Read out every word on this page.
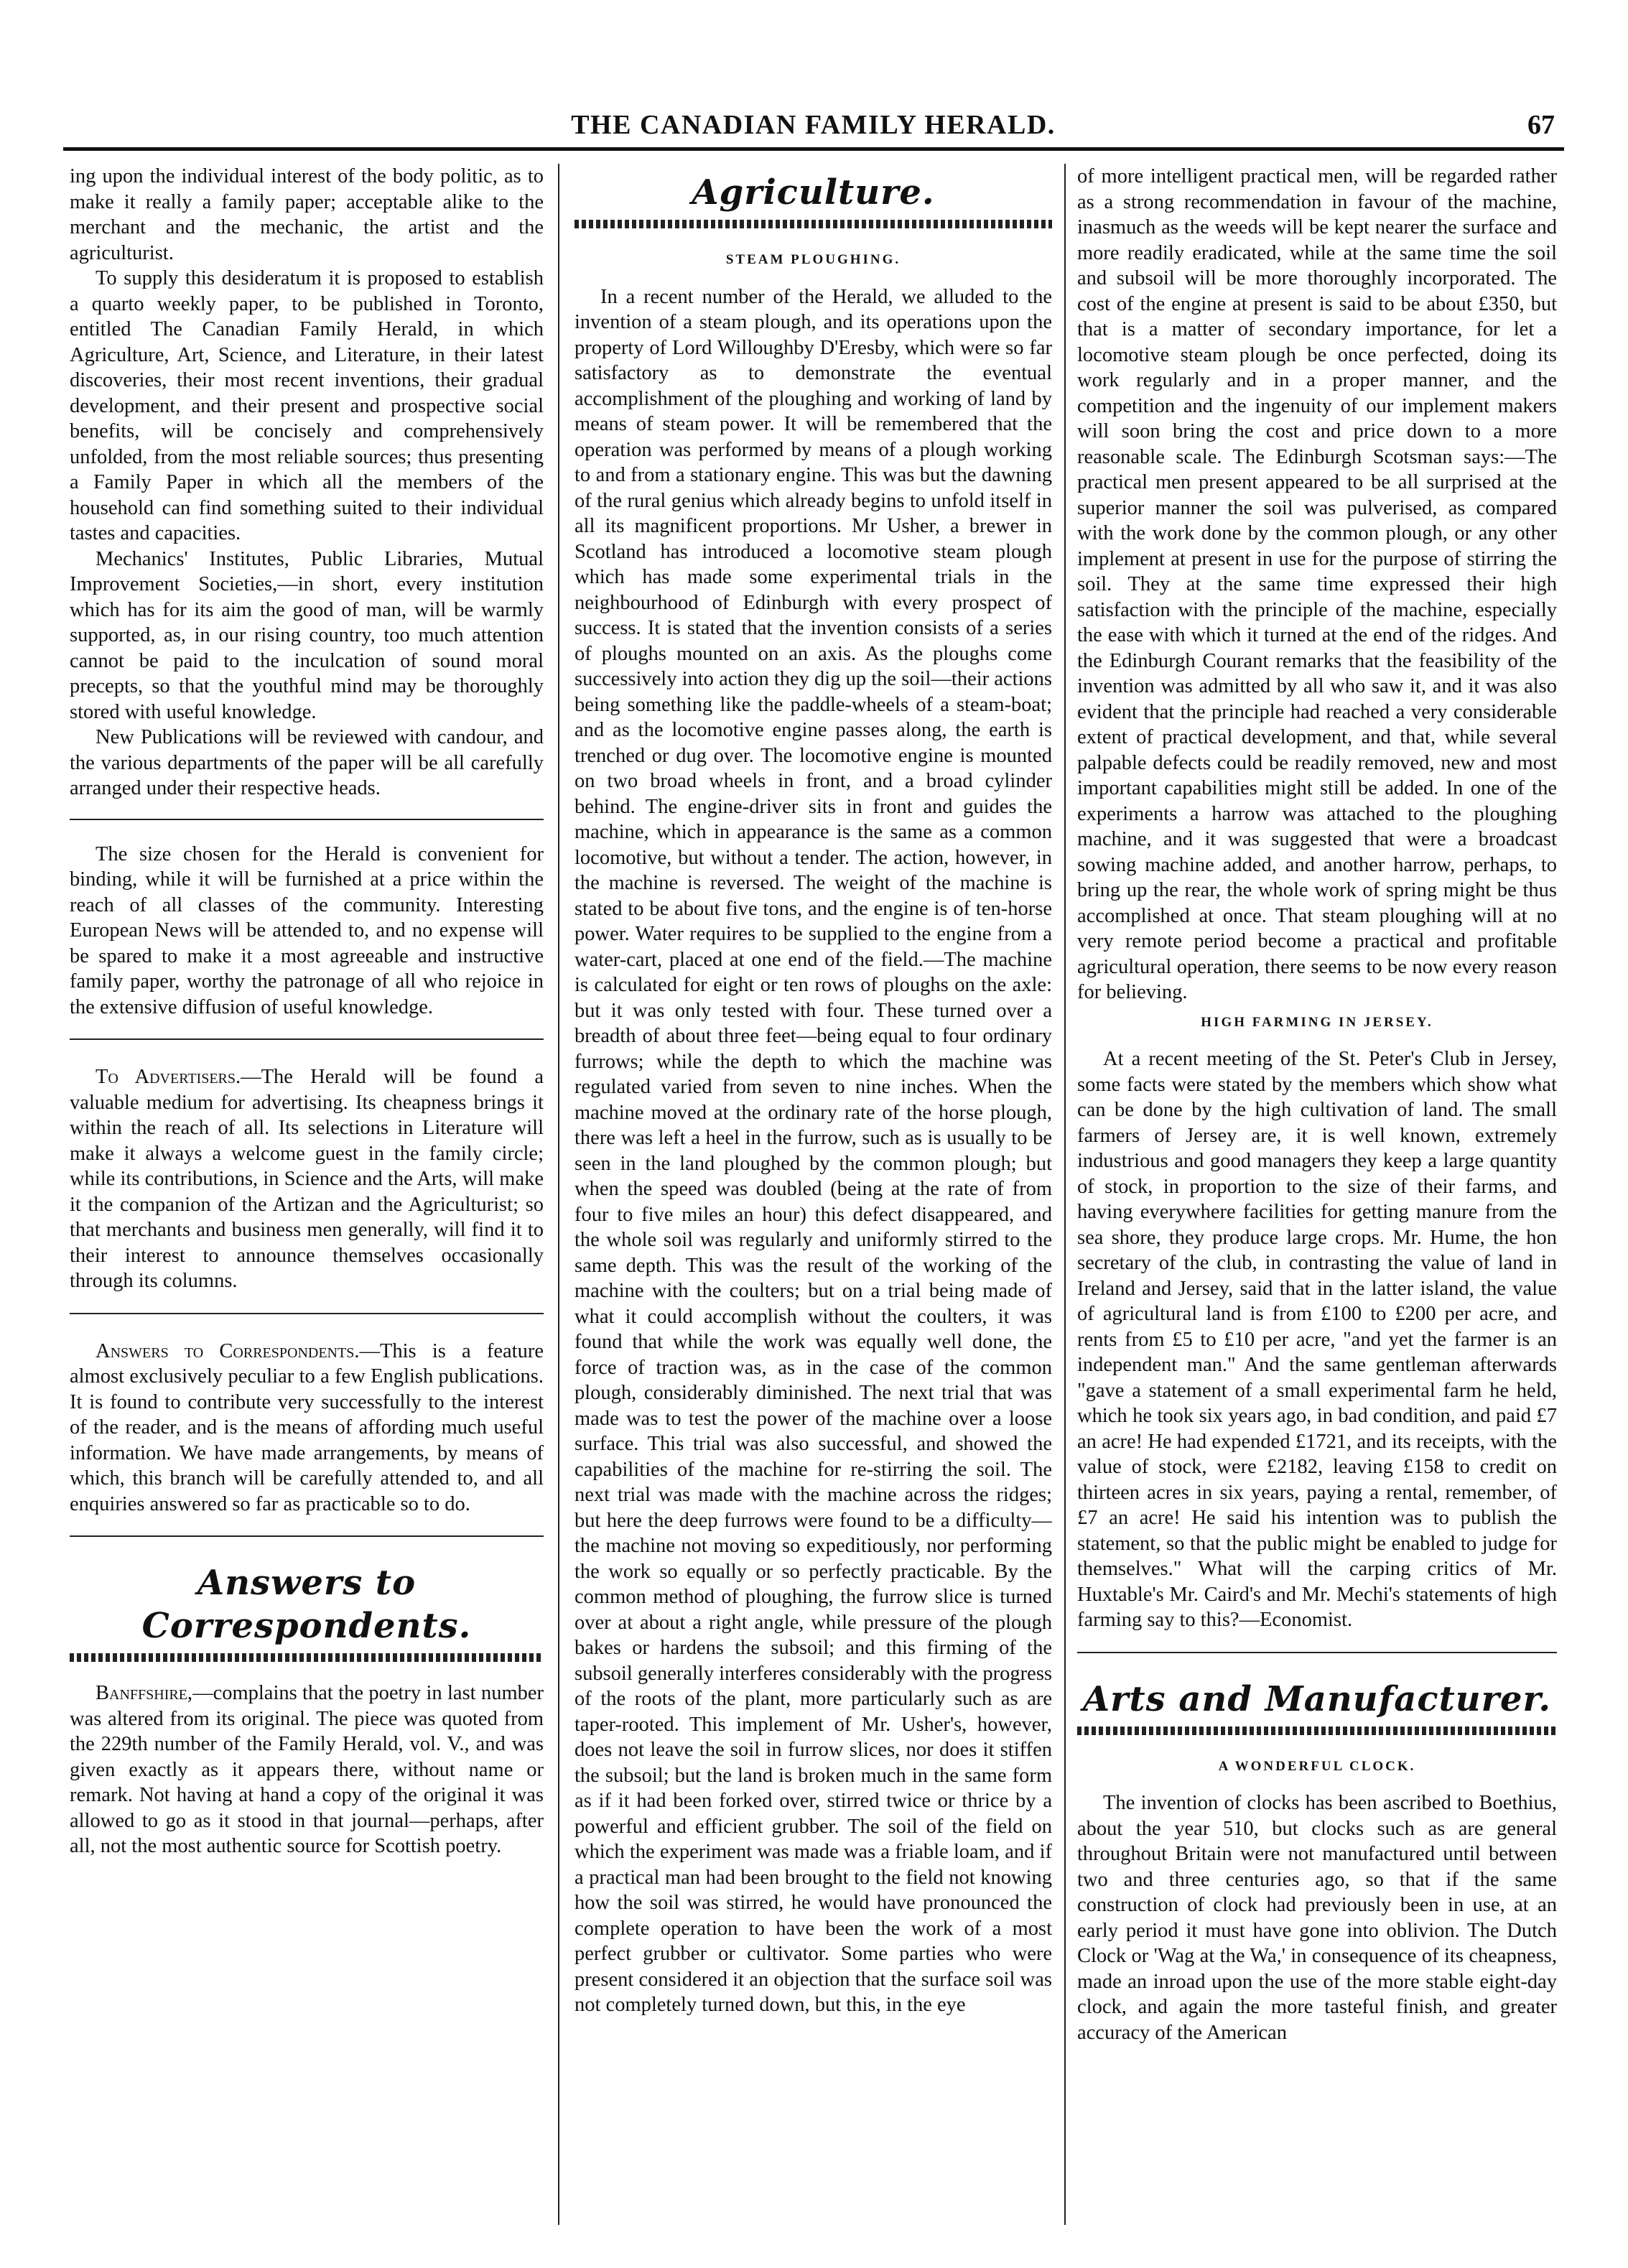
THE CANADIAN FAMILY HERALD.	67

ing upon the individual interest of the body politic, as to make it really a family paper; acceptable alike to the merchant and the mechanic, the artist and the agriculturist.

To supply this desideratum it is proposed to establish a quarto weekly paper, to be published in Toronto, entitled The Canadian Family Herald, in which Agriculture, Art, Science, and Literature, in their latest discoveries, their most recent inventions, their gradual development, and their present and prospective social benefits, will be concisely and comprehensively unfolded, from the most reliable sources; thus presenting a Family Paper in which all the members of the household can find something suited to their individual tastes and capacities.

Mechanics' Institutes, Public Libraries, Mutual Improvement Societies,—in short, every institution which has for its aim the good of man, will be warmly supported, as, in our rising country, too much attention cannot be paid to the inculcation of sound moral precepts, so that the youthful mind may be thoroughly stored with useful knowledge.

New Publications will be reviewed with candour, and the various departments of the paper will be all carefully arranged under their respective heads.

The size chosen for the Herald is convenient for binding, while it will be furnished at a price within the reach of all classes of the community. Interesting European News will be attended to, and no expense will be spared to make it a most agreeable and instructive family paper, worthy the patronage of all who rejoice in the extensive diffusion of useful knowledge.

To Advertisers.—The Herald will be found a valuable medium for advertising. Its cheapness brings it within the reach of all. Its selections in Literature will make it always a welcome guest in the family circle; while its contributions, in Science and the Arts, will make it the companion of the Artizan and the Agriculturist; so that merchants and business men generally, will find it to their interest to announce themselves occasionally through its columns.

Answers to Correspondents.—This is a feature almost exclusively peculiar to a few English publications. It is found to contribute very successfully to the interest of the reader, and is the means of affording much useful information. We have made arrangements, by means of which, this branch will be carefully attended to, and all enquiries answered so far as practicable so to do.

Answers to Correspondents.

Banffshire,—complains that the poetry in last number was altered from its original. The piece was quoted from the 229th number of the Family Herald, vol. V., and was given exactly as it appears there, without name or remark. Not having at hand a copy of the original it was allowed to go as it stood in that journal—perhaps, after all, not the most authentic source for Scottish poetry.

Agriculture.
STEAM PLOUGHING.

In a recent number of the Herald, we alluded to the invention of a steam plough, and its operations upon the property of Lord Willoughby D'Eresby, which were so far satisfactory as to demonstrate the eventual accomplishment of the ploughing and working of land by means of steam power. It will be remembered that the operation was performed by means of a plough working to and from a stationary engine. This was but the dawning of the rural genius which already begins to unfold itself in all its magnificent proportions. Mr Usher, a brewer in Scotland has introduced a locomotive steam plough which has made some experimental trials in the neighbourhood of Edinburgh with every prospect of success. It is stated that the invention consists of a series of ploughs mounted on an axis. As the ploughs come successively into action they dig up the soil—their actions being something like the paddle-wheels of a steam-boat; and as the locomotive engine passes along, the earth is trenched or dug over. The locomotive engine is mounted on two broad wheels in front, and a broad cylinder behind. The engine-driver sits in front and guides the machine, which in appearance is the same as a common locomotive, but without a tender. The action, however, in the machine is reversed. The weight of the machine is stated to be about five tons, and the engine is of ten-horse power. Water requires to be supplied to the engine from a water-cart, placed at one end of the field.—The machine is calculated for eight or ten rows of ploughs on the axle: but it was only tested with four. These turned over a breadth of about three feet—being equal to four ordinary furrows; while the depth to which the machine was regulated varied from seven to nine inches. When the machine moved at the ordinary rate of the horse plough, there was left a heel in the furrow, such as is usually to be seen in the land ploughed by the common plough; but when the speed was doubled (being at the rate of from four to five miles an hour) this defect disappeared, and the whole soil was regularly and uniformly stirred to the same depth. This was the result of the working of the machine with the coulters; but on a trial being made of what it could accomplish without the coulters, it was found that while the work was equally well done, the force of traction was, as in the case of the common plough, considerably diminished. The next trial that was made was to test the power of the machine over a loose surface. This trial was also successful, and showed the capabilities of the machine for re-stirring the soil. The next trial was made with the machine across the ridges; but here the deep furrows were found to be a difficulty—the machine not moving so expeditiously, nor performing the work so equally or so perfectly practicable. By the common method of ploughing, the furrow slice is turned over at about a right angle, while pressure of the plough bakes or hardens the subsoil; and this firming of the subsoil generally interferes considerably with the progress of the roots of the plant, more particularly such as are taper-rooted. This implement of Mr. Usher's, however, does not leave the soil in furrow slices, nor does it stiffen the subsoil; but the land is broken much in the same form as if it had been forked over, stirred twice or thrice by a powerful and efficient grubber. The soil of the field on which the experiment was made was a friable loam, and if a practical man had been brought to the field not knowing how the soil was stirred, he would have pronounced the complete operation to have been the work of a most perfect grubber or cultivator. Some parties who were present considered it an objection that the surface soil was not completely turned down, but this, in the eye

of more intelligent practical men, will be regarded rather as a strong recommendation in favour of the machine, inasmuch as the weeds will be kept nearer the surface and more readily eradicated, while at the same time the soil and subsoil will be more thoroughly incorporated. The cost of the engine at present is said to be about £350, but that is a matter of secondary importance, for let a locomotive steam plough be once perfected, doing its work regularly and in a proper manner, and the competition and the ingenuity of our implement makers will soon bring the cost and price down to a more reasonable scale. The Edinburgh Scotsman says:—The practical men present appeared to be all surprised at the superior manner the soil was pulverised, as compared with the work done by the common plough, or any other implement at present in use for the purpose of stirring the soil. They at the same time expressed their high satisfaction with the principle of the machine, especially the ease with which it turned at the end of the ridges. And the Edinburgh Courant remarks that the feasibility of the invention was admitted by all who saw it, and it was also evident that the principle had reached a very considerable extent of practical development, and that, while several palpable defects could be readily removed, new and most important capabilities might still be added. In one of the experiments a harrow was attached to the ploughing machine, and it was suggested that were a broadcast sowing machine added, and another harrow, perhaps, to bring up the rear, the whole work of spring might be thus accomplished at once. That steam ploughing will at no very remote period become a practical and profitable agricultural operation, there seems to be now every reason for believing.

HIGH FARMING IN JERSEY.

At a recent meeting of the St. Peter's Club in Jersey, some facts were stated by the members which show what can be done by the high cultivation of land. The small farmers of Jersey are, it is well known, extremely industrious and good managers they keep a large quantity of stock, in proportion to the size of their farms, and having everywhere facilities for getting manure from the sea shore, they produce large crops. Mr. Hume, the hon secretary of the club, in contrasting the value of land in Ireland and Jersey, said that in the latter island, the value of agricultural land is from £100 to £200 per acre, and rents from £5 to £10 per acre, "and yet the farmer is an independent man." And the same gentleman afterwards "gave a statement of a small experimental farm he held, which he took six years ago, in bad condition, and paid £7 an acre! He had expended £1721, and its receipts, with the value of stock, were £2182, leaving £158 to credit on thirteen acres in six years, paying a rental, remember, of £7 an acre! He said his intention was to publish the statement, so that the public might be enabled to judge for themselves." What will the carping critics of Mr. Huxtable's Mr. Caird's and Mr. Mechi's statements of high farming say to this?—Economist.

Arts and Manufacturer.
A WONDERFUL CLOCK.

The invention of clocks has been ascribed to Boethius, about the year 510, but clocks such as are general throughout Britain were not manufactured until between two and three centuries ago, so that if the same construction of clock had previously been in use, at an early period it must have gone into oblivion. The Dutch Clock or 'Wag at the Wa,' in consequence of its cheapness, made an inroad upon the use of the more stable eight-day clock, and again the more tasteful finish, and greater accuracy of the American
